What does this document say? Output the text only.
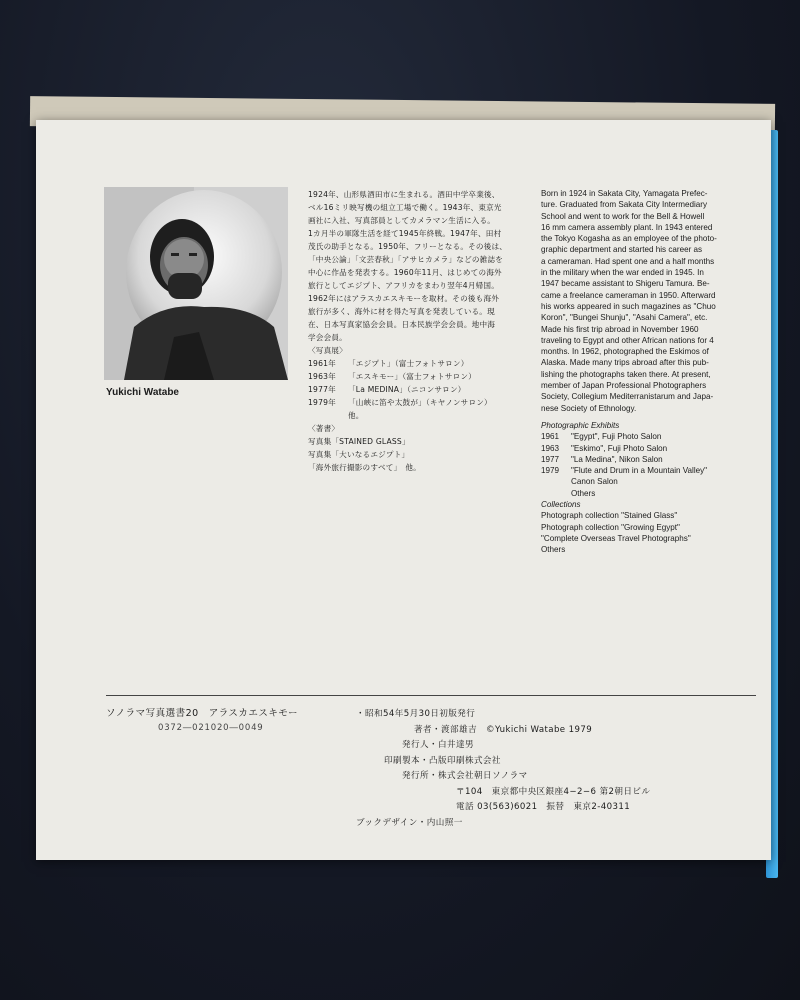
Yukichi Watabe
1924年、山形県酒田市に生まれる。酒田中学卒業後、
ベル16ミリ映写機の組立工場で働く。1943年、東京光
画社に入社、写真部員としてカメラマン生活に入る。
1カ月半の軍隊生活を経て1945年終戦。1947年、田村
茂氏の助手となる。1950年、フリーとなる。その後は、
「中央公論」「文芸春秋」「アサヒカメラ」などの雑誌を
中心に作品を発表する。1960年11月、はじめての海外
旅行としてエジプト、アフリカをまわり翌年4月帰国。
1962年にはアラスカエスキモーを取材。その後も海外
旅行が多く、海外に材を得た写真を発表している。現
在、日本写真家協会会員。日本民族学会会員。地中海
学会会員。
〈写真展〉
1961年	「エジプト」（富士フォトサロン）
1963年	「エスキモー」（富士フォトサロン）
1977年	「La MEDINA」（ニコンサロン）
1979年	「山峡に笛や太鼓が」（キヤノンサロン）
他。
〈著書〉
写真集「STAINED GLASS」
写真集「大いなるエジプト」
「海外旅行撮影のすべて」　他。
Born in 1924 in Sakata City, Yamagata Prefec-
ture. Graduated from Sakata City Intermediary
School and went to work for the Bell & Howell
16 mm camera assembly plant. In 1943 entered
the Tokyo Kogasha as an employee of the photo-
graphic department and started his career as
a cameraman. Had spent one and a half months
in the military when the war ended in 1945. In
1947 became assistant to Shigeru Tamura. Be-
came a freelance cameraman in 1950. Afterward
his works appeared in such magazines as "Chuo
Koron", "Bungei Shunju", "Asahi Camera", etc.
Made his first trip abroad in November 1960
traveling to Egypt and other African nations for 4
months. In 1962, photographed the Eskimos of
Alaska. Made many trips abroad after this pub-
lishing the photographs taken there. At present,
member of Japan Professional Photographers
Society, Collegium Mediterranistarum and Japa-
nese Society of Ethnology.
Photographic Exhibits
1961	"Egypt", Fuji Photo Salon
1963	"Eskimo", Fuji Photo Salon
1977	"La Medina", Nikon Salon
1979	"Flute and Drum in a Mountain Valley"
Canon Salon
Others
Collections
Photograph collection "Stained Glass"
Photograph collection "Growing Egypt"
"Complete Overseas Travel Photographs"
Others
ソノラマ写真選書20　アラスカエスキモー
0372―021020―0049
・昭和54年5月30日初版発行
著者・渡部雄吉　©Yukichi Watabe 1979
発行人・白井達男
印刷製本・凸版印刷株式会社
発行所・株式会社朝日ソノラマ
〒104　東京都中央区銀座4−2−6 第2朝日ビル
電話 03(563)6021　振替　東京2-40311
ブックデザイン・内山照一
